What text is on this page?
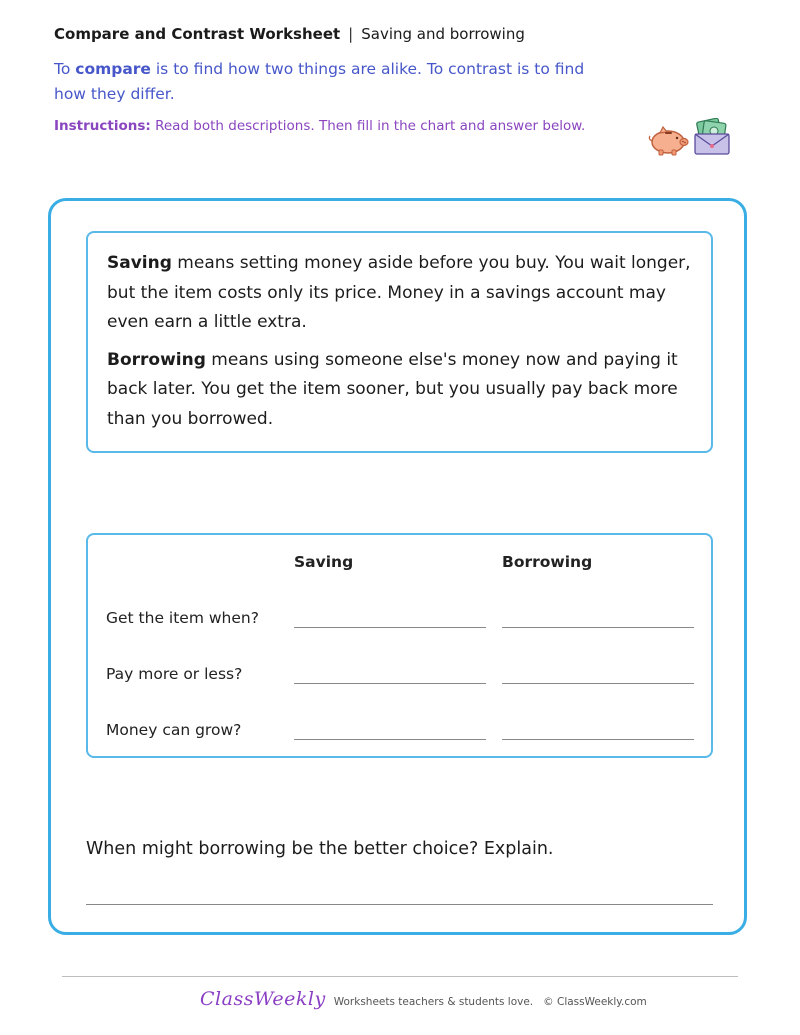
Compare and Contrast Worksheet | Saving and borrowing
To compare is to find how two things are alike. To contrast is to find how they differ.
Instructions: Read both descriptions. Then fill in the chart and answer below.

Saving means setting money aside before you buy. You wait longer, but the item costs only its price. Money in a savings account may even earn a little extra.

Borrowing means using someone else's money now and paying it back later. You get the item sooner, but you usually pay back more than you borrowed.

Saving	Borrowing
Get the item when?
Pay more or less?
Money can grow?
When might borrowing be the better choice? Explain.
ClassWeekly Worksheets teachers & students love. © ClassWeekly.com
